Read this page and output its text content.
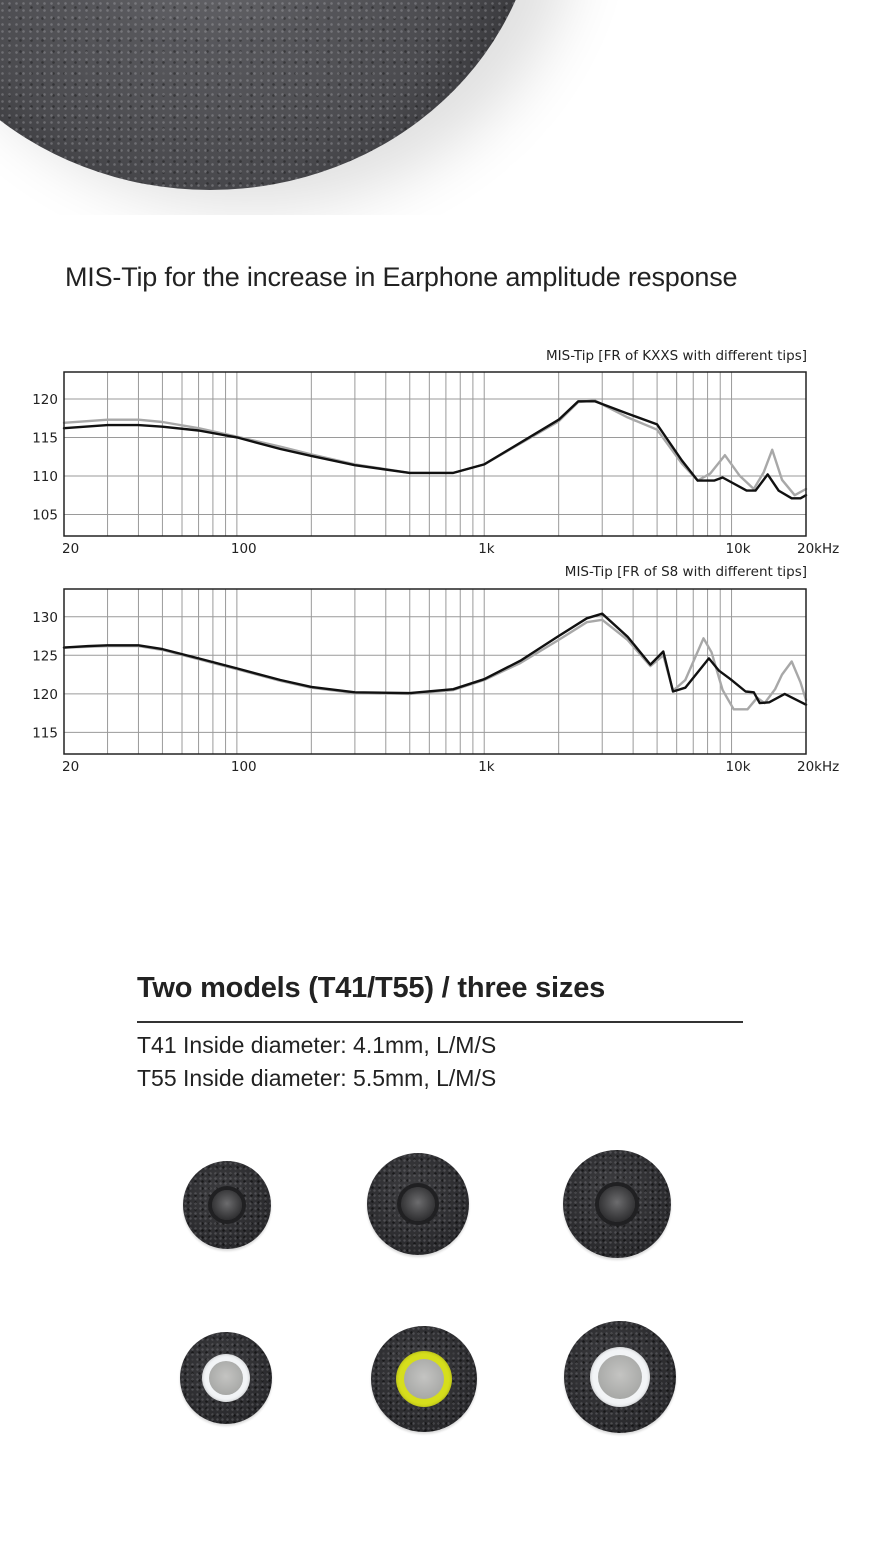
MIS-Tip for the increase in Earphone amplitude response
MIS-Tip [FR of KXXS with different tips]
105
110
115
120
20	100	1k	10k	20kHz
MIS-Tip [FR of S8 with different tips]
115
120
125
130
20	100	1k	10k	20kHz
Two models (T41/T55) / three sizes
T41 Inside diameter: 4.1mm, L/M/S
T55 Inside diameter: 5.5mm, L/M/S
